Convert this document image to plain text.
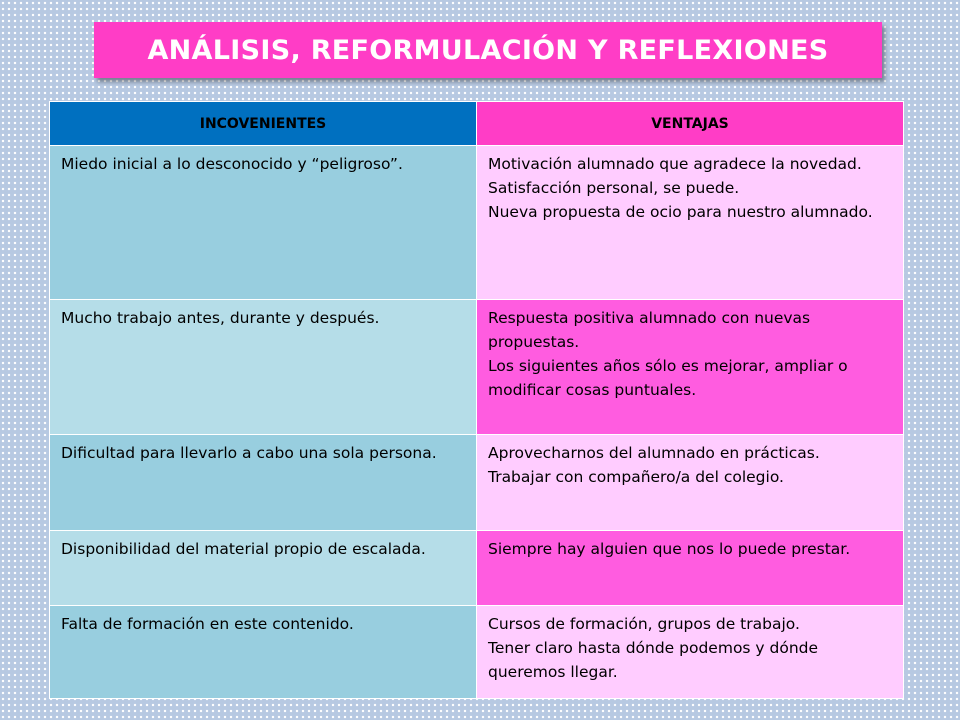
ANÁLISIS, REFORMULACIÓN Y REFLEXIONES
INCOVENIENTES	VENTAJAS

Miedo inicial a lo desconocido y “peligroso”.	Motivación alumnado que agradece la novedad.
Satisfacción personal, se puede.
Nueva propuesta de ocio para nuestro alumnado.

Mucho trabajo antes, durante y después.	Respuesta positiva alumnado con nuevas propuestas.
Los siguientes años sólo es mejorar, ampliar o modificar cosas puntuales.

Dificultad para llevarlo a cabo una sola persona.	Aprovecharnos del alumnado en prácticas.
Trabajar con compañero/a del colegio.

Disponibilidad del material propio de escalada.	Siempre hay alguien que nos lo puede prestar.

Falta de formación en este contenido.	Cursos de formación, grupos de trabajo.
Tener claro hasta dónde podemos y dónde queremos llegar.
